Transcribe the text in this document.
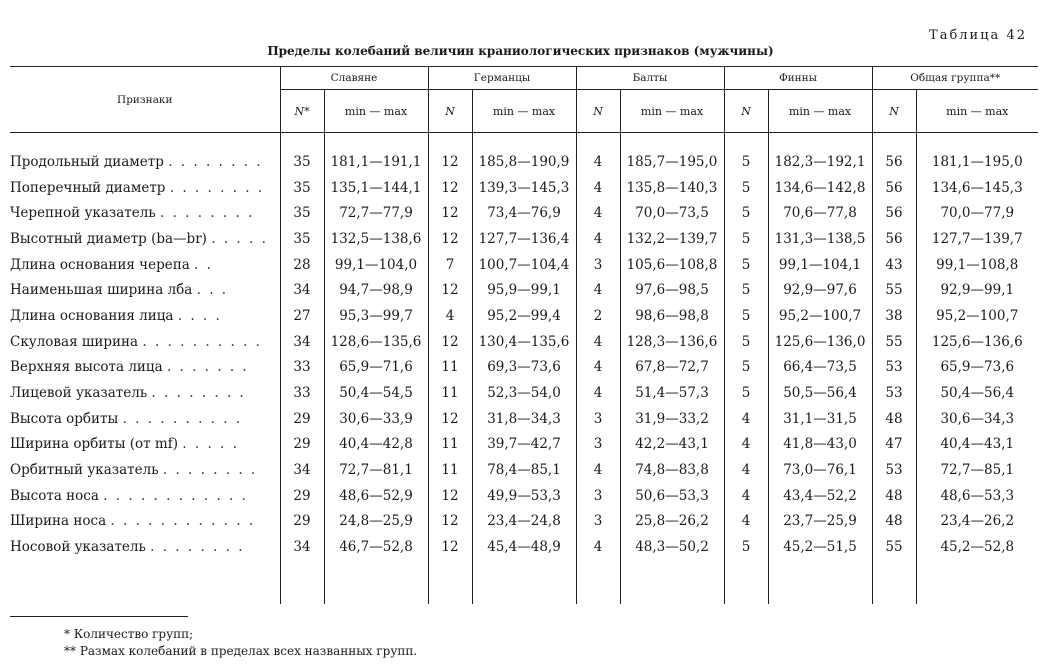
Таблица 42
Пределы колебаний величин краниологических признаков (мужчины)
Признаки	Славяне		Германцы		Балты		Финны		Общая группа**	
	N*	min — max	N	min — max	N	min — max	N	min — max	N	min — max

Продольный диаметр . . . . . . . .	35	181,1—191,1	12	185,8—190,9	4	185,7—195,0	5	182,3—192,1	56	181,1—195,0
Поперечный диаметр . . . . . . . .	35	135,1—144,1	12	139,3—145,3	4	135,8—140,3	5	134,6—142,8	56	134,6—145,3
Черепной указатель . . . . . . . .	35	72,7—77,9	12	73,4—76,9	4	70,0—73,5	5	70,6—77,8	56	70,0—77,9
Высотный диаметр (ba—br) . . . . .	35	132,5—138,6	12	127,7—136,4	4	132,2—139,7	5	131,3—138,5	56	127,7—139,7
Длина основания черепа . .	28	99,1—104,0	7	100,7—104,4	3	105,6—108,8	5	99,1—104,1	43	99,1—108,8
Наименьшая ширина лба . . .	34	94,7—98,9	12	95,9—99,1	4	97,6—98,5	5	92,9—97,6	55	92,9—99,1
Длина основания лица . . . .	27	95,3—99,7	4	95,2—99,4	2	98,6—98,8	5	95,2—100,7	38	95,2—100,7
Скуловая ширина . . . . . . . . . .	34	128,6—135,6	12	130,4—135,6	4	128,3—136,6	5	125,6—136,0	55	125,6—136,6
Верхняя высота лица . . . . . . .	33	65,9—71,6	11	69,3—73,6	4	67,8—72,7	5	66,4—73,5	53	65,9—73,6
Лицевой указатель . . . . . . . .	33	50,4—54,5	11	52,3—54,0	4	51,4—57,3	5	50,5—56,4	53	50,4—56,4
Высота орбиты . . . . . . . . . .	29	30,6—33,9	12	31,8—34,3	3	31,9—33,2	4	31,1—31,5	48	30,6—34,3
Ширина орбиты (от mf) . . . . .	29	40,4—42,8	11	39,7—42,7	3	42,2—43,1	4	41,8—43,0	47	40,4—43,1
Орбитный указатель . . . . . . . .	34	72,7—81,1	11	78,4—85,1	4	74,8—83,8	4	73,0—76,1	53	72,7—85,1
Высота носа . . . . . . . . . . . .	29	48,6—52,9	12	49,9—53,3	3	50,6—53,3	4	43,4—52,2	48	48,6—53,3
Ширина носа . . . . . . . . . . . .	29	24,8—25,9	12	23,4—24,8	3	25,8—26,2	4	23,7—25,9	48	23,4—26,2
Носовой указатель . . . . . . . .	34	46,7—52,8	12	45,4—48,9	4	48,3—50,2	5	45,2—51,5	55	45,2—52,8

* Количество групп;
** Размах колебаний в пределах всех названных групп.
